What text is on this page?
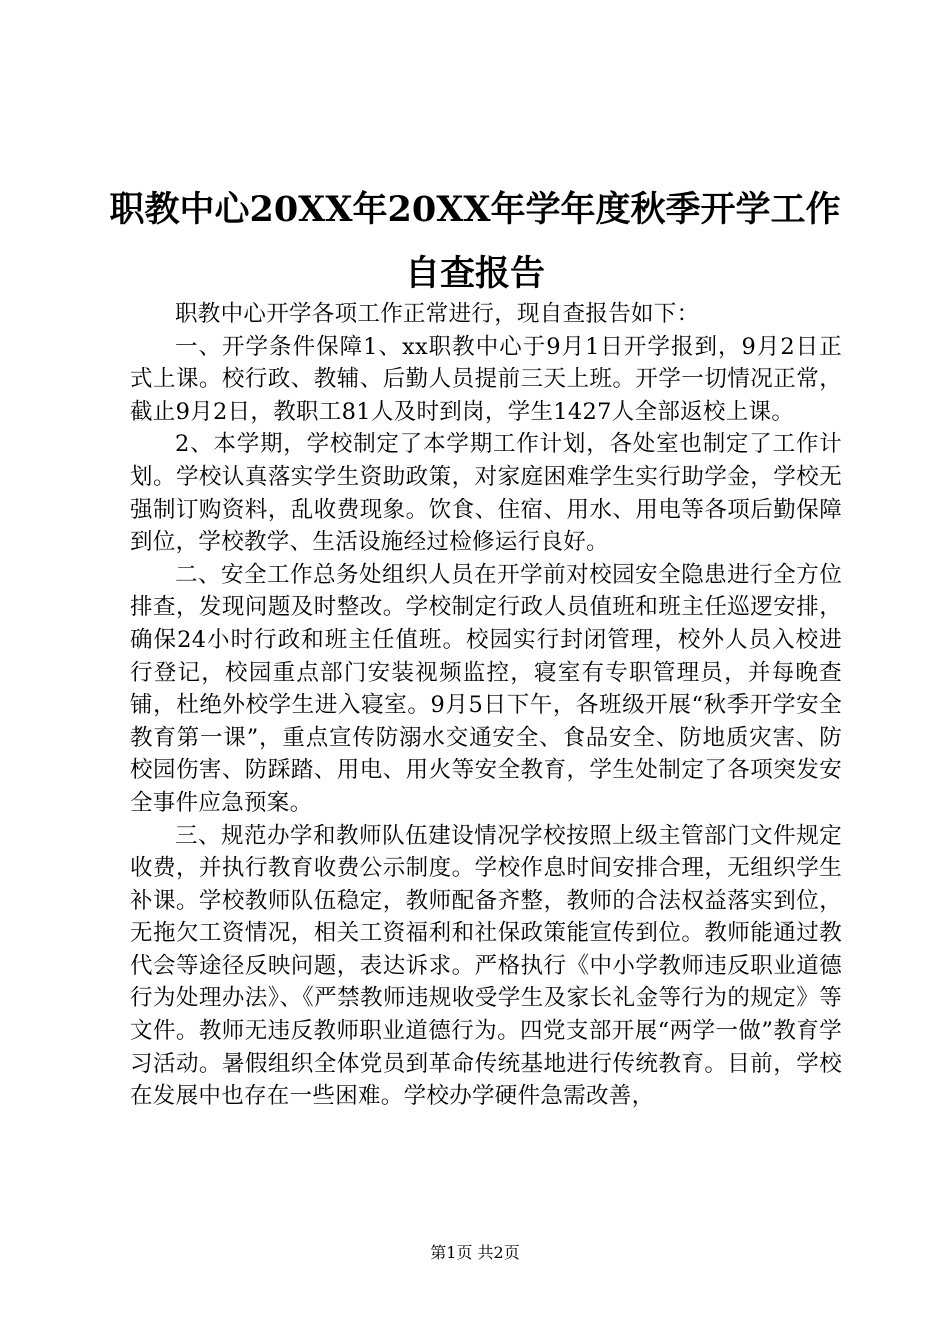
职教中心20XX年20XX年学年度秋季开学工作
自查报告

职教中心开学各项工作正常进行，现自查报告如下：

一、开学条件保障1、xx职教中心于9月1日开学报到，9月2日正式上课。校行政、教辅、后勤人员提前三天上班。开学一切情况正常，截止9月2日，教职工81人及时到岗，学生1427人全部返校上课。

2、本学期，学校制定了本学期工作计划，各处室也制定了工作计划。学校认真落实学生资助政策，对家庭困难学生实行助学金，学校无强制订购资料，乱收费现象。饮食、住宿、用水、用电等各项后勤保障到位，学校教学、生活设施经过检修运行良好。

二、安全工作总务处组织人员在开学前对校园安全隐患进行全方位排查，发现问题及时整改。学校制定行政人员值班和班主任巡逻安排，确保24小时行政和班主任值班。校园实行封闭管理，校外人员入校进行登记，校园重点部门安装视频监控，寝室有专职管理员，并每晚查铺，杜绝外校学生进入寝室。9月5日下午，各班级开展“秋季开学安全教育第一课”，重点宣传防溺水交通安全、食品安全、防地质灾害、防校园伤害、防踩踏、用电、用火等安全教育，学生处制定了各项突发安全事件应急预案。

三、规范办学和教师队伍建设情况学校按照上级主管部门文件规定收费，并执行教育收费公示制度。学校作息时间安排合理，无组织学生补课。学校教师队伍稳定，教师配备齐整，教师的合法权益落实到位，无拖欠工资情况，相关工资福利和社保政策能宣传到位。教师能通过教代会等途径反映问题，表达诉求。严格执行《中小学教师违反职业道德行为处理办法》、《严禁教师违规收受学生及家长礼金等行为的规定》等文件。教师无违反教师职业道德行为。四党支部开展“两学一做”教育学习活动。暑假组织全体党员到革命传统基地进行传统教育。目前，学校在发展中也存在一些困难。学校办学硬件急需改善，

第1页 共2页
